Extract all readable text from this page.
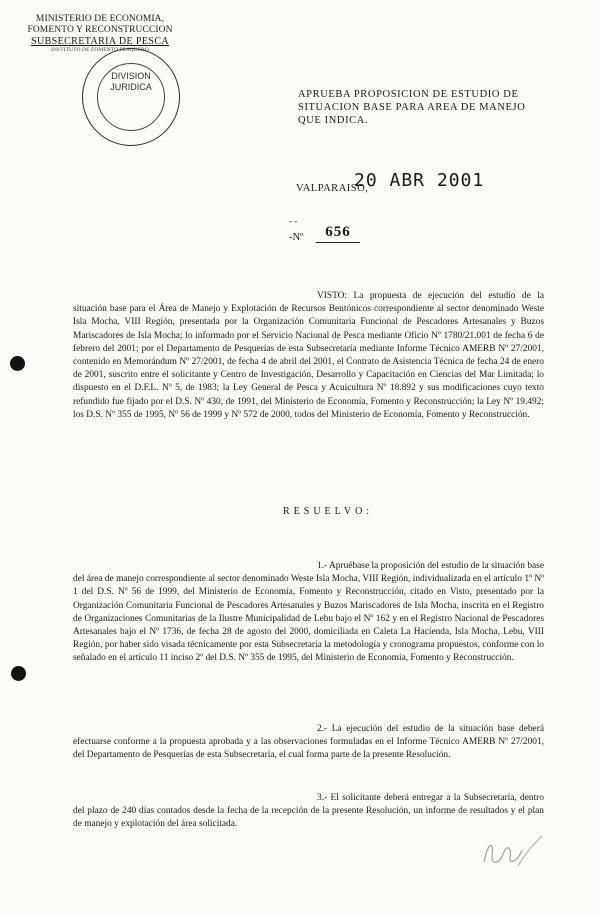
MINISTERIO DE ECONOMIA,
FOMENTO Y RECONSTRUCCION
SUBSECRETARIA DE PESCA
INSTITUTO DE FOMENTO PESQUERO
DIVISION
JURIDICA
APRUEBA PROPOSICION DE ESTUDIO DE SITUACION BASE PARA AREA DE MANEJO QUE INDICA.
VALPARAISO,
20 ABR 2001
- -
-Nº	656
VISTO: La propuesta de ejecución del estudio de la situación base para el Área de Manejo y Explotación de Recursos Bentónicos correspondiente al sector denominado Weste Isla Mocha, VIII Región, presentada por la Organización Comunitaria Funcional de Pescadores Artesanales y Buzos Mariscadores de Isla Mocha; lo informado por el Servicio Nacional de Pesca mediante Oficio Nº 1780/21.001 de fecha 6 de febrero del 2001; por el Departamento de Pesquerías de esta Subsecretaría mediante Informe Técnico AMERB Nº 27/2001, contenido en Memorándum Nº 27/2001, de fecha 4 de abril del 2001, el Contrato de Asistencia Técnica de fecha 24 de enero de 2001, suscrito entre el solicitante y Centro de Investigación, Desarrollo y Capacitación en Ciencias del Mar Limitada; lo dispuesto en el D.F.L. Nº 5, de 1983; la Ley General de Pesca y Acuicultura Nº 18.892 y sus modificaciones cuyo texto refundido fue fijado por el D.S. Nº 430, de 1991, del Ministerio de Economía, Fomento y Reconstrucción; la Ley Nº 19.492; los D.S. Nº 355 de 1995, Nº 56 de 1999 y Nº 572 de 2000, todos del Ministerio de Economía, Fomento y Reconstrucción.
RESUELVO:
1.- Apruébase la proposición del estudio de la situación base del área de manejo correspondiente al sector denominado Weste Isla Mocha, VIII Región, individualizada en el artículo 1º Nº 1 del D.S. Nº 56 de 1999, del Ministerio de Economía, Fomento y Reconstrucción, citado en Visto, presentado por la Organización Comunitaria Funcional de Pescadores Artesanales y Buzos Mariscadores de Isla Mocha, inscrita en el Registro de Organizaciones Comunitarias de la Ilustre Municipalidad de Lebu bajo el Nº 162 y en el Registro Nacional de Pescadores Artesanales bajo el Nº 1736, de fecha 28 de agosto del 2000, domiciliada en Caleta La Hacienda, Isla Mocha, Lebu, VIII Región, por haber sido visada técnicamente por esta Subsecretaría la metodología y cronograma propuestos, conforme con lo señalado en el artículo 11 inciso 2º del D.S. Nº 355 de 1995, del Ministerio de Economía, Fomento y Reconstrucción.
2.- La ejecución del estudio de la situación base deberá efectuarse conforme a la propuesta aprobada y a las observaciones formuladas en el Informe Técnico AMERB Nº 27/2001, del Departamento de Pesquerías de esta Subsecretaría, el cual forma parte de la presente Resolución.
3.- El solicitante deberá entregar a la Subsecretaría, dentro del plazo de 240 días contados desde la fecha de la recepción de la presente Resolución, un informe de resultados y el plan de manejo y explotación del área solicitada.
